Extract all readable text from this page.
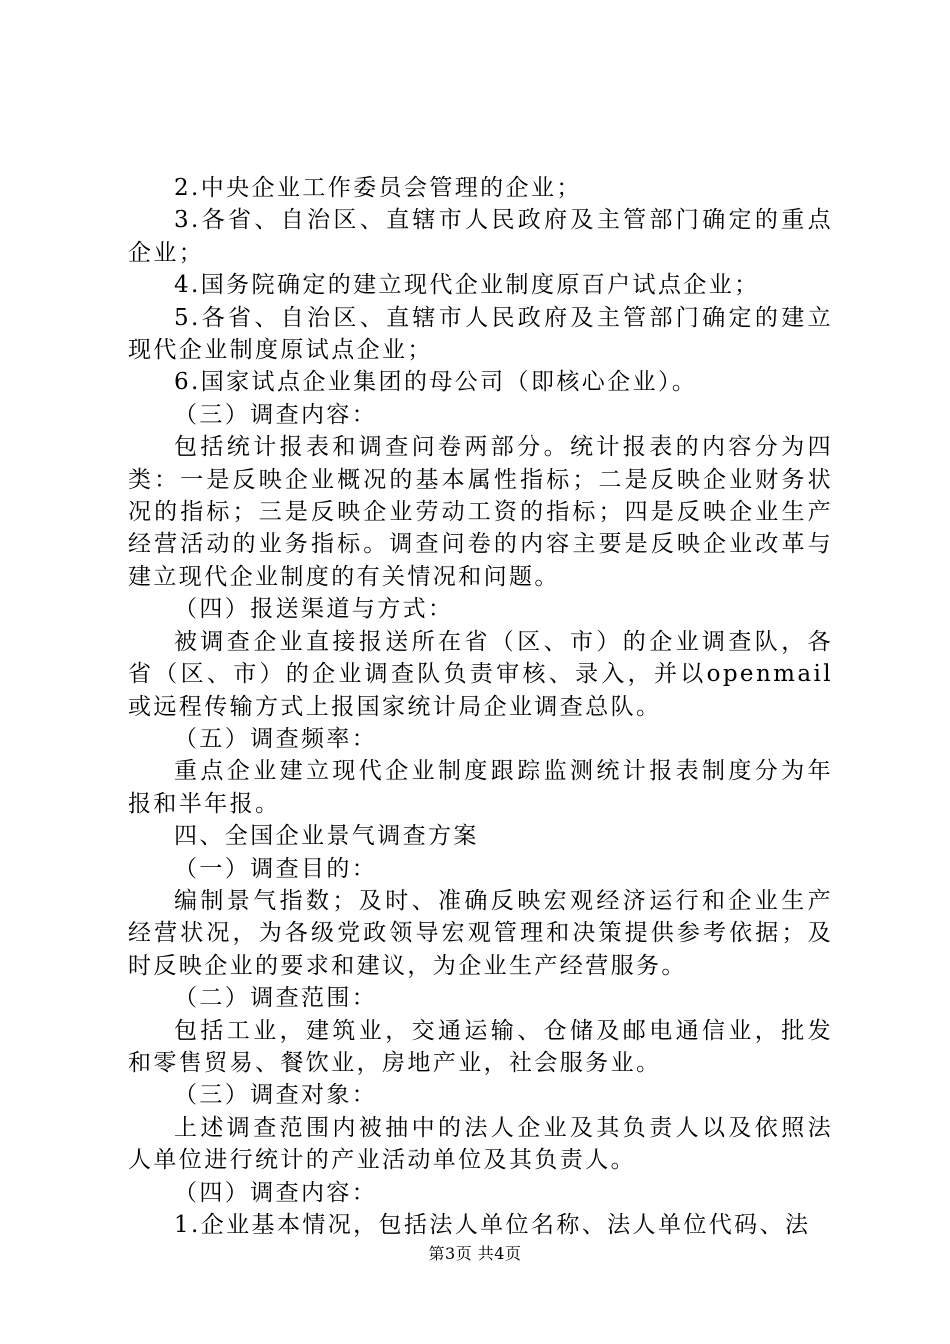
2.中央企业工作委员会管理的企业；

3.各省、自治区、直辖市人民政府及主管部门确定的重点企业；

4.国务院确定的建立现代企业制度原百户试点企业；

5.各省、自治区、直辖市人民政府及主管部门确定的建立现代企业制度原试点企业；

6.国家试点企业集团的母公司（即核心企业）。

（三）调查内容：

包括统计报表和调查问卷两部分。统计报表的内容分为四类：一是反映企业概况的基本属性指标；二是反映企业财务状况的指标；三是反映企业劳动工资的指标；四是反映企业生产经营活动的业务指标。调查问卷的内容主要是反映企业改革与建立现代企业制度的有关情况和问题。

（四）报送渠道与方式：

被调查企业直接报送所在省（区、市）的企业调查队，各省（区、市）的企业调查队负责审核、录入，并以openmail或远程传输方式上报国家统计局企业调查总队。

（五）调查频率：

重点企业建立现代企业制度跟踪监测统计报表制度分为年报和半年报。

四、全国企业景气调查方案

（一）调查目的：

编制景气指数；及时、准确反映宏观经济运行和企业生产经营状况，为各级党政领导宏观管理和决策提供参考依据；及时反映企业的要求和建议，为企业生产经营服务。

（二）调查范围：

包括工业，建筑业，交通运输、仓储及邮电通信业，批发和零售贸易、餐饮业，房地产业，社会服务业。

（三）调查对象：

上述调查范围内被抽中的法人企业及其负责人以及依照法人单位进行统计的产业活动单位及其负责人。

（四）调查内容：

1.企业基本情况，包括法人单位名称、法人单位代码、法

第3页 共4页
